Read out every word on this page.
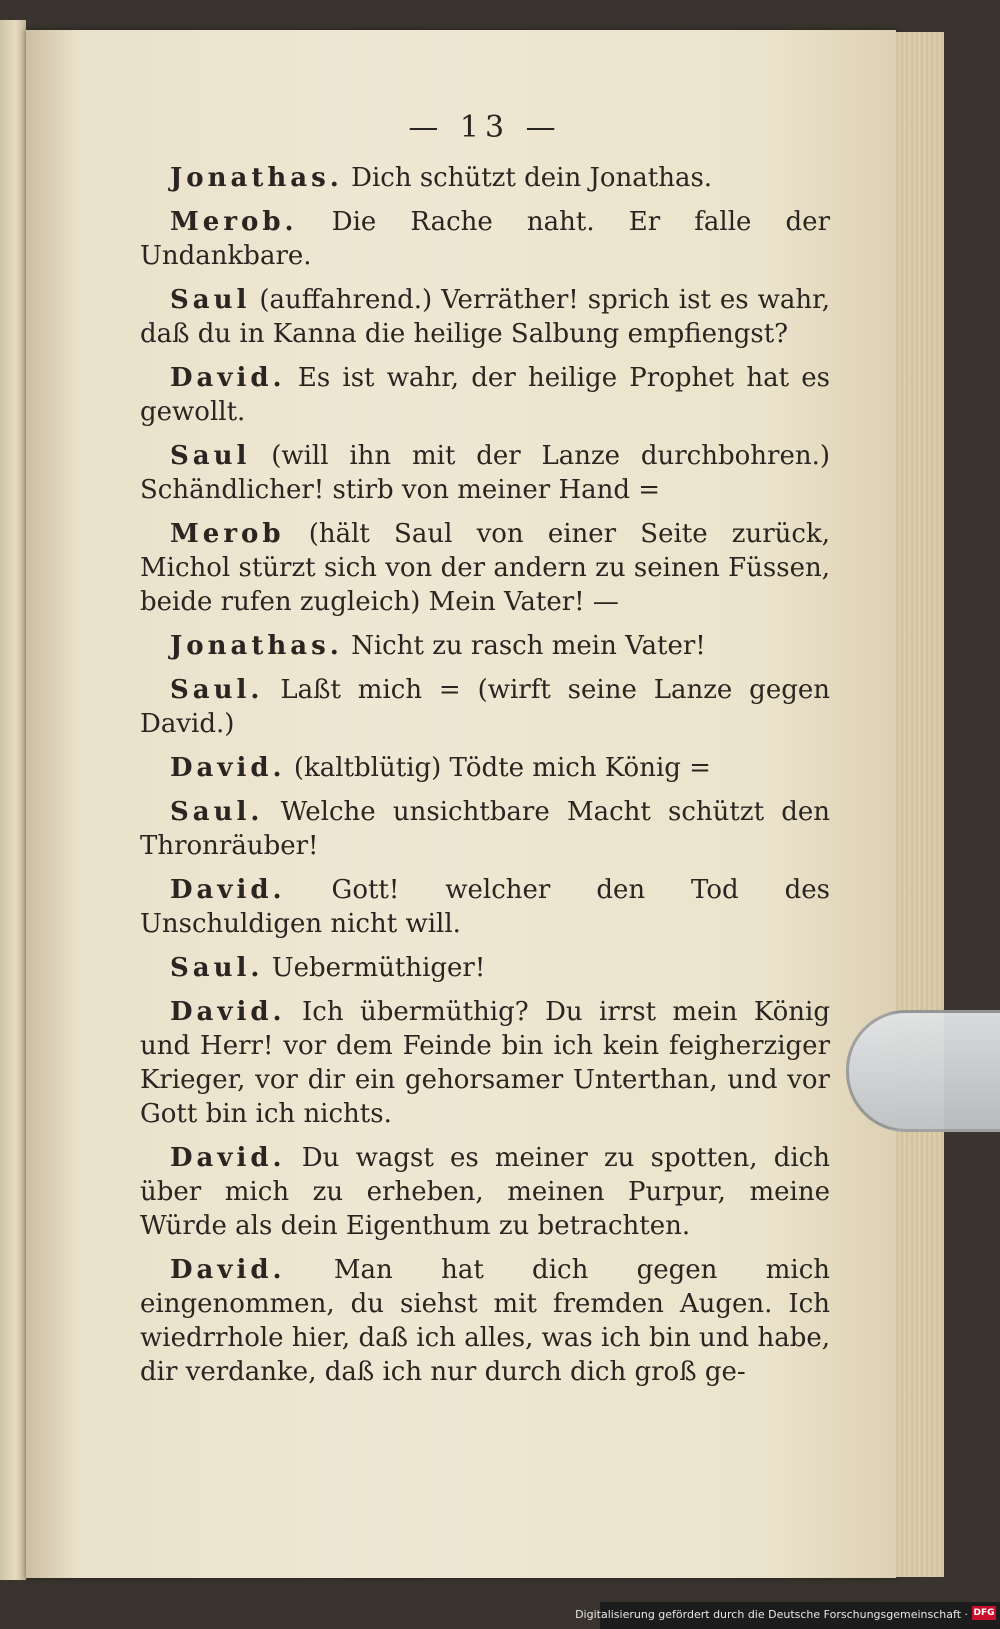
— 13 —

Jonathas. Dich schützt dein Jonathas.

Merob. Die Rache naht. Er falle der Undankbare.

Saul (auffahrend.) Verräther! sprich ist es wahr, daß du in Kanna die heilige Salbung empfiengst?

David. Es ist wahr, der heilige Prophet hat es gewollt.

Saul (will ihn mit der Lanze durchbohren.) Schändlicher! stirb von meiner Hand =

Merob (hält Saul von einer Seite zurück, Michol stürzt sich von der andern zu seinen Füssen, beide rufen zugleich) Mein Vater! —

Jonathas. Nicht zu rasch mein Vater!

Saul. Laßt mich = (wirft seine Lanze gegen David.)

David. (kaltblütig) Tödte mich König =

Saul. Welche unsichtbare Macht schützt den Thronräuber!

David. Gott! welcher den Tod des Unschuldigen nicht will.

Saul. Uebermüthiger!

David. Ich übermüthig? Du irrst mein König und Herr! vor dem Feinde bin ich kein feigherziger Krieger, vor dir ein gehorsamer Unterthan, und vor Gott bin ich nichts.

David. Du wagst es meiner zu spotten, dich über mich zu erheben, meinen Purpur, meine Würde als dein Eigenthum zu betrachten.

David. Man hat dich gegen mich eingenommen, du siehst mit fremden Augen. Ich wiedrrhole hier, daß ich alles, was ich bin und habe, dir verdanke, daß ich nur durch dich groß ge-

Digitalisierung gefördert durch die Deutsche Forschungsgemeinschaft · DFG
